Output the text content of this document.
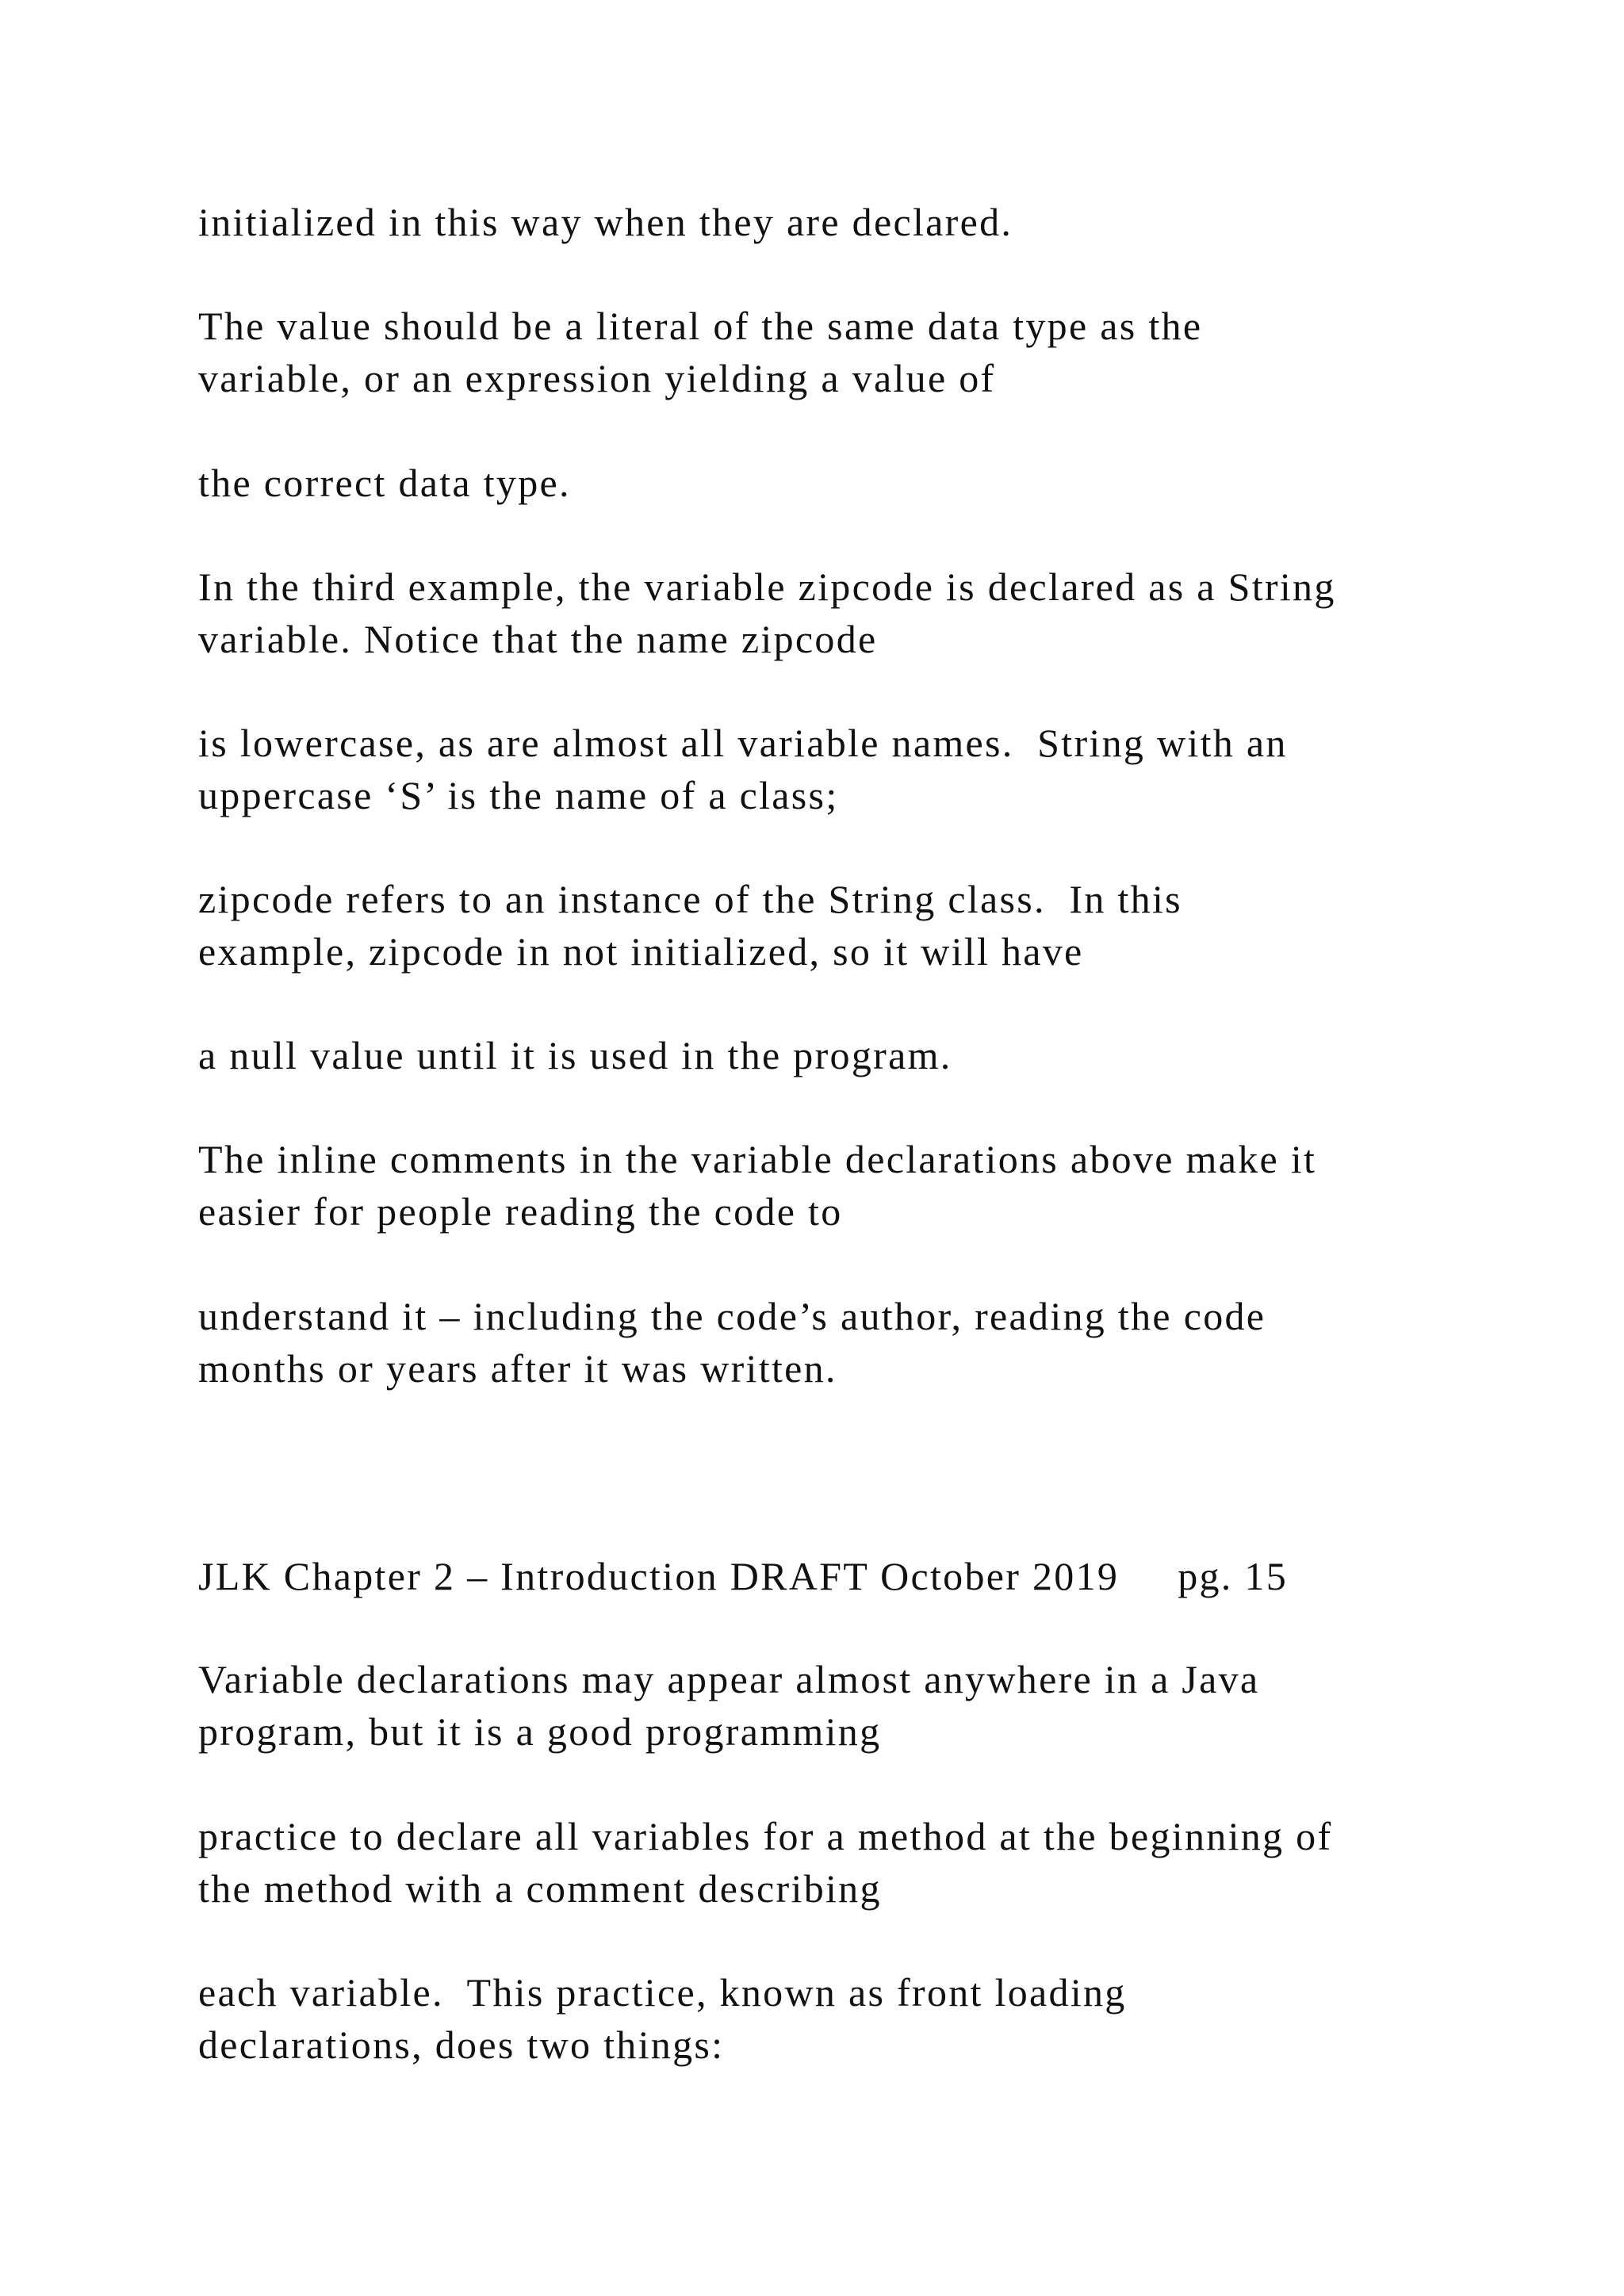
initialized in this way when they are declared.
The value should be a literal of the same data type as the
variable, or an expression yielding a value of
the correct data type.
In the third example, the variable zipcode is declared as a String
variable. Notice that the name zipcode
is lowercase, as are almost all variable names.  String with an
uppercase ‘S’ is the name of a class;
zipcode refers to an instance of the String class.  In this
example, zipcode in not initialized, so it will have
a null value until it is used in the program.
The inline comments in the variable declarations above make it
easier for people reading the code to
understand it – including the code’s author, reading the code
months or years after it was written.
JLK Chapter 2 – Introduction DRAFT October 2019     pg. 15
Variable declarations may appear almost anywhere in a Java
program, but it is a good programming
practice to declare all variables for a method at the beginning of
the method with a comment describing
each variable.  This practice, known as front loading
declarations, does two things:
